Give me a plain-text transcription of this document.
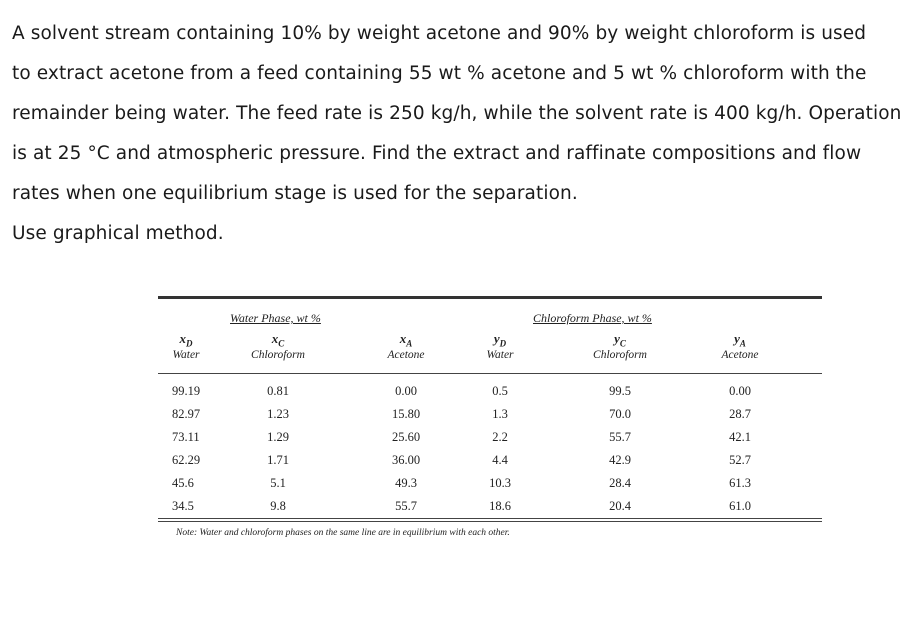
A solvent stream containing 10% by weight acetone and 90% by weight chloroform is used
to extract acetone from a feed containing 55 wt % acetone and 5 wt % chloroform with the
remainder being water. The feed rate is 250 kg/h, while the solvent rate is 400 kg/h. Operation
is at 25 °C and atmospheric pressure. Find the extract and raffinate compositions and flow
rates when one equilibrium stage is used for the separation.
Use graphical method.
Water Phase, wt %	Chloroform Phase, wt %
$x_D$	$x_C$	$x_A$	$y_D$	$y_C$	$y_A$
Water	Chloroform	Acetone	Water	Chloroform	Acetone
99.19	0.81	0.00	0.5	99.5	0.00
82.97	1.23	15.80	1.3	70.0	28.7
73.11	1.29	25.60	2.2	55.7	42.1
62.29	1.71	36.00	4.4	42.9	52.7
45.6	5.1	49.3	10.3	28.4	61.3
34.5	9.8	55.7	18.6	20.4	61.0
Note: Water and chloroform phases on the same line are in equilibrium with each other.
